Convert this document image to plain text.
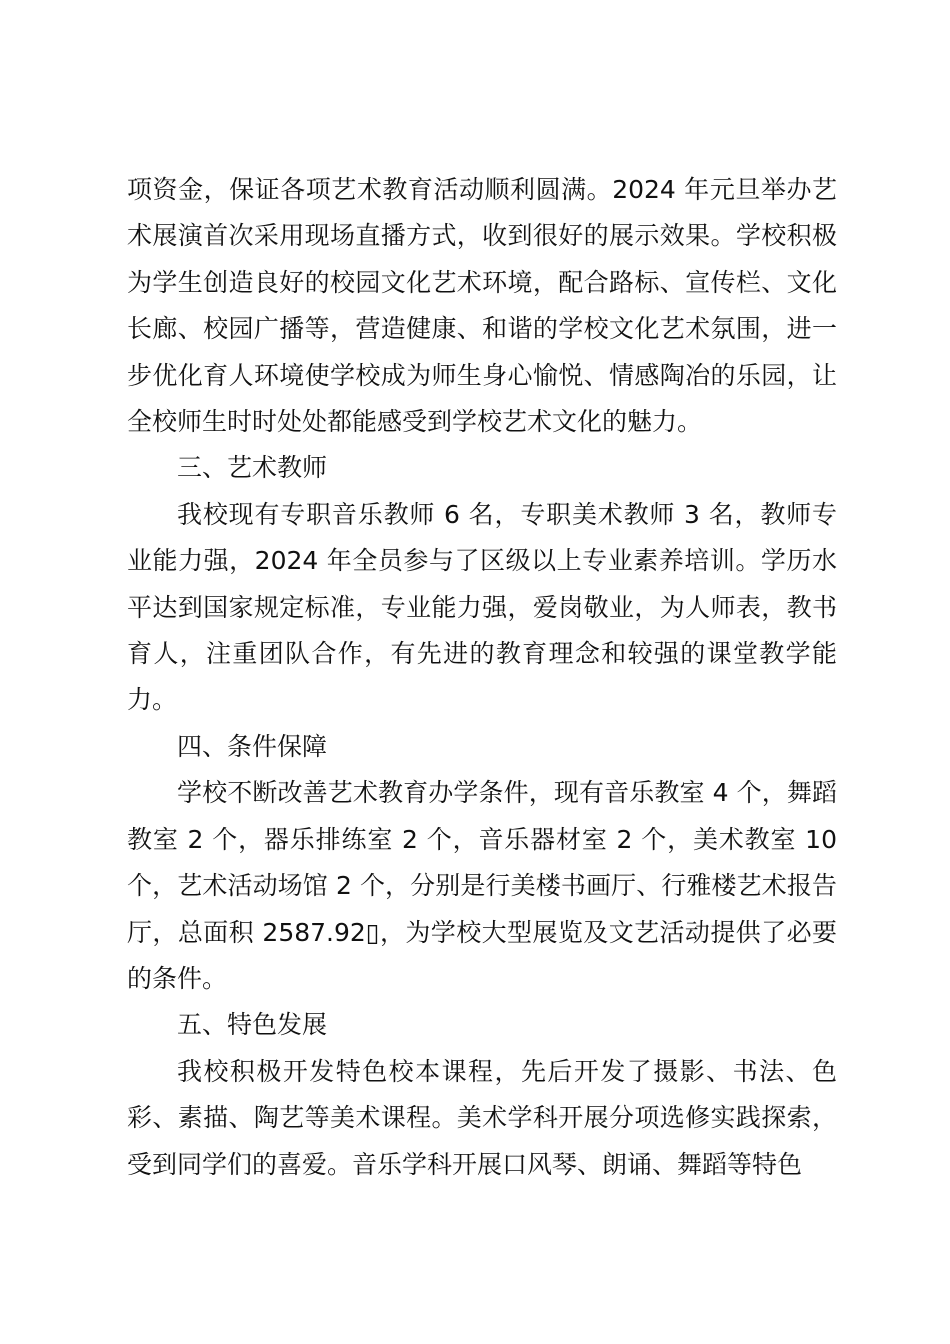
项资金，保证各项艺术教育活动顺利圆满。2024 年元旦举办艺术展演首次采用现场直播方式，收到很好的展示效果。学校积极为学生创造良好的校园文化艺术环境，配合路标、宣传栏、文化长廊、校园广播等，营造健康、和谐的学校文化艺术氛围，进一步优化育人环境使学校成为师生身心愉悦、情感陶冶的乐园，让全校师生时时处处都能感受到学校艺术文化的魅力。

三、艺术教师

我校现有专职音乐教师 6 名，专职美术教师 3 名，教师专业能力强，2024 年全员参与了区级以上专业素养培训。学历水平达到国家规定标准，专业能力强，爱岗敬业，为人师表，教书育人，注重团队合作，有先进的教育理念和较强的课堂教学能力。

四、条件保障

学校不断改善艺术教育办学条件，现有音乐教室 4 个，舞蹈教室 2 个，器乐排练室 2 个，音乐器材室 2 个，美术教室 10 个，艺术活动场馆 2 个，分别是行美楼书画厅、行雅楼艺术报告厅，总面积 2587.92▯，为学校大型展览及文艺活动提供了必要的条件。

五、特色发展

我校积极开发特色校本课程，先后开发了摄影、书法、色彩、素描、陶艺等美术课程。美术学科开展分项选修实践探索，受到同学们的喜爱。音乐学科开展口风琴、朗诵、舞蹈等特色
